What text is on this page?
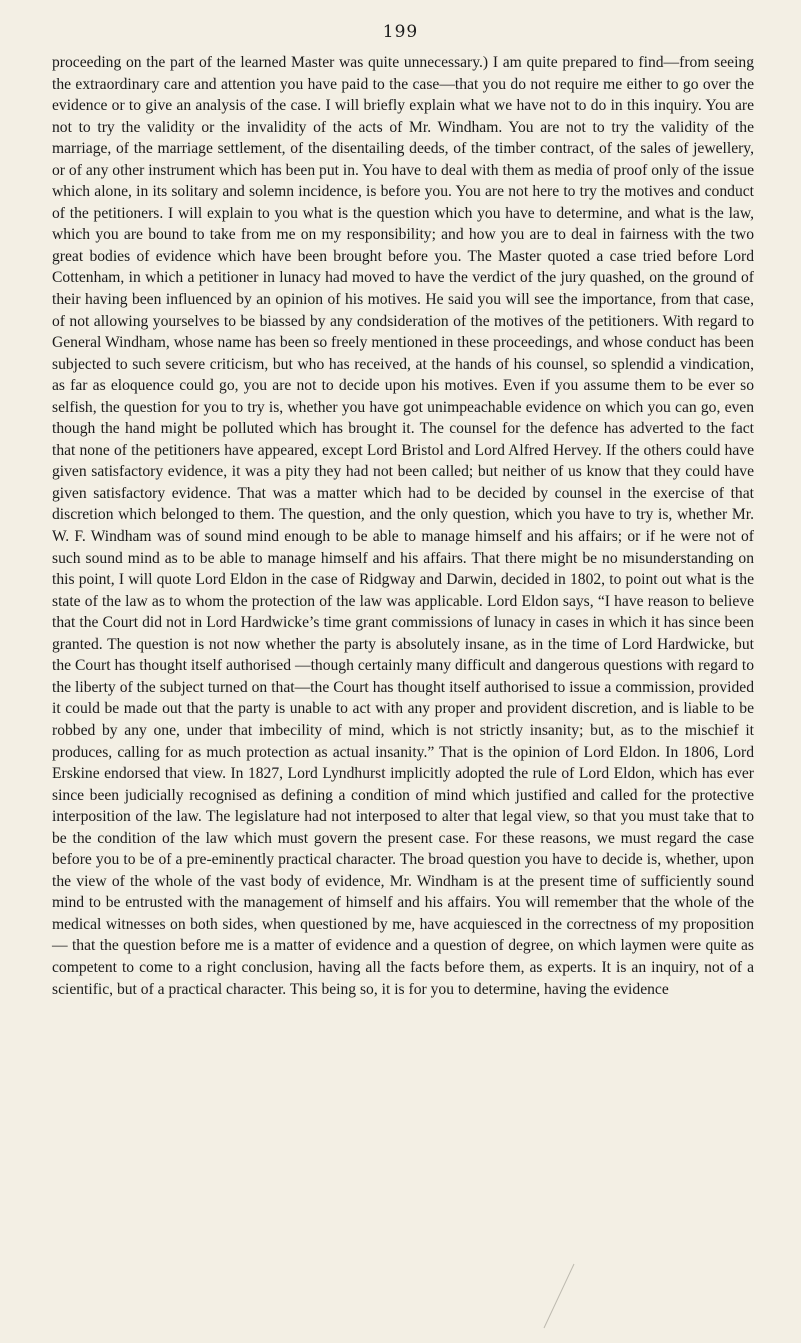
199

proceeding on the part of the learned Master was quite unnecessary.) I am quite prepared to find—from seeing the extraordinary care and attention you have paid to the case—that you do not require me either to go over the evidence or to give an analysis of the case. I will briefly explain what we have not to do in this inquiry. You are not to try the validity or the invalidity of the acts of Mr. Windham. You are not to try the validity of the marriage, of the marriage settlement, of the disentailing deeds, of the timber contract, of the sales of jewellery, or of any other instrument which has been put in. You have to deal with them as media of proof only of the issue which alone, in its solitary and solemn incidence, is before you. You are not here to try the motives and conduct of the petitioners. I will explain to you what is the question which you have to determine, and what is the law, which you are bound to take from me on my responsibility; and how you are to deal in fairness with the two great bodies of evidence which have been brought before you. The Master quoted a case tried before Lord Cottenham, in which a petitioner in lunacy had moved to have the verdict of the jury quashed, on the ground of their having been influenced by an opinion of his motives. He said you will see the importance, from that case, of not allowing yourselves to be biassed by any condsideration of the motives of the petitioners. With regard to General Windham, whose name has been so freely mentioned in these proceedings, and whose conduct has been subjected to such severe criticism, but who has received, at the hands of his counsel, so splendid a vindication, as far as eloquence could go, you are not to decide upon his motives. Even if you assume them to be ever so selfish, the question for you to try is, whether you have got unimpeachable evidence on which you can go, even though the hand might be polluted which has brought it. The counsel for the defence has adverted to the fact that none of the petitioners have appeared, except Lord Bristol and Lord Alfred Hervey. If the others could have given satisfactory evidence, it was a pity they had not been called; but neither of us know that they could have given satisfactory evidence. That was a matter which had to be decided by counsel in the exercise of that discretion which belonged to them. The question, and the only question, which you have to try is, whether Mr. W. F. Windham was of sound mind enough to be able to manage himself and his affairs; or if he were not of such sound mind as to be able to manage himself and his affairs. That there might be no misunderstanding on this point, I will quote Lord Eldon in the case of Ridgway and Darwin, decided in 1802, to point out what is the state of the law as to whom the protection of the law was applicable. Lord Eldon says, “I have reason to believe that the Court did not in Lord Hardwicke’s time grant commissions of lunacy in cases in which it has since been granted. The question is not now whether the party is absolutely insane, as in the time of Lord Hardwicke, but the Court has thought itself authorised —though certainly many difficult and dangerous questions with regard to the liberty of the subject turned on that—the Court has thought itself authorised to issue a commission, provided it could be made out that the party is unable to act with any proper and provident discretion, and is liable to be robbed by any one, under that imbecility of mind, which is not strictly insanity; but, as to the mischief it produces, calling for as much protection as actual insanity.” That is the opinion of Lord Eldon. In 1806, Lord Erskine endorsed that view. In 1827, Lord Lyndhurst implicitly adopted the rule of Lord Eldon, which has ever since been judicially recognised as defining a condition of mind which justified and called for the protective interposition of the law. The legislature had not interposed to alter that legal view, so that you must take that to be the condition of the law which must govern the present case. For these reasons, we must regard the case before you to be of a pre-eminently practical character. The broad question you have to decide is, whether, upon the view of the whole of the vast body of evidence, Mr. Windham is at the present time of sufficiently sound mind to be entrusted with the management of himself and his affairs. You will remember that the whole of the medical witnesses on both sides, when questioned by me, have acquiesced in the correctness of my proposition — that the question before me is a matter of evidence and a question of degree, on which laymen were quite as competent to come to a right conclusion, having all the facts before them, as experts. It is an inquiry, not of a scientific, but of a practical character. This being so, it is for you to determine, having the evidence
